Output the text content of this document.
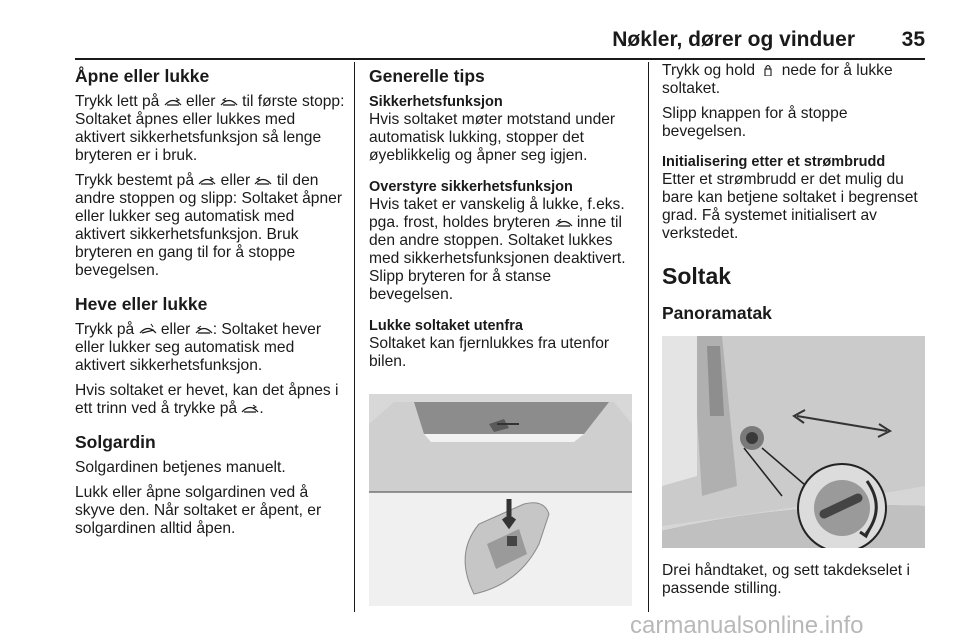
Nøkler, dører og vinduer 35
Åpne eller lukke

Trykk lett på
eller
til første stopp: Soltaket åpnes eller lukkes med aktivert sikkerhetsfunksjon så lenge bryteren er i bruk.

Trykk bestemt på
eller
til den andre stoppen og slipp: Soltaket åpner eller lukker seg automatisk med aktivert sikkerhetsfunksjon. Bruk bryteren en gang til for å stoppe bevegelsen.

Heve eller lukke

Trykk på
eller
: Soltaket hever eller lukker seg automatisk med aktivert sikkerhetsfunksjon.

Hvis soltaket er hevet, kan det åpnes i ett trinn ved å trykke på
.

Solgardin

Solgardinen betjenes manuelt.

Lukk eller åpne solgardinen ved å skyve den. Når soltaket er åpent, er solgardinen alltid åpen.

Generelle tips
Sikkerhetsfunksjon
Hvis soltaket møter motstand under automatisk lukking, stopper det øyeblikkelig og åpner seg igjen.
Overstyre sikkerhetsfunksjon
Hvis taket er vanskelig å lukke, f.eks. pga. frost, holdes bryteren
inne til den andre stoppen. Soltaket lukkes med sikkerhetsfunksjonen deaktivert. Slipp bryteren for å stanse bevegelsen.
Lukke soltaket utenfra
Soltaket kan fjernlukkes fra utenfor bilen.

Trykk og hold
nede for å lukke soltaket.

Slipp knappen for å stoppe bevegelsen.

Initialisering etter et strømbrudd
Etter et strømbrudd er det mulig du bare kan betjene soltaket i begrenset grad. Få systemet initialisert av verkstedet.
Soltak
Panoramatak
Drei håndtaket, og sett takdekselet i passende stilling.
carmanualsonline.info
